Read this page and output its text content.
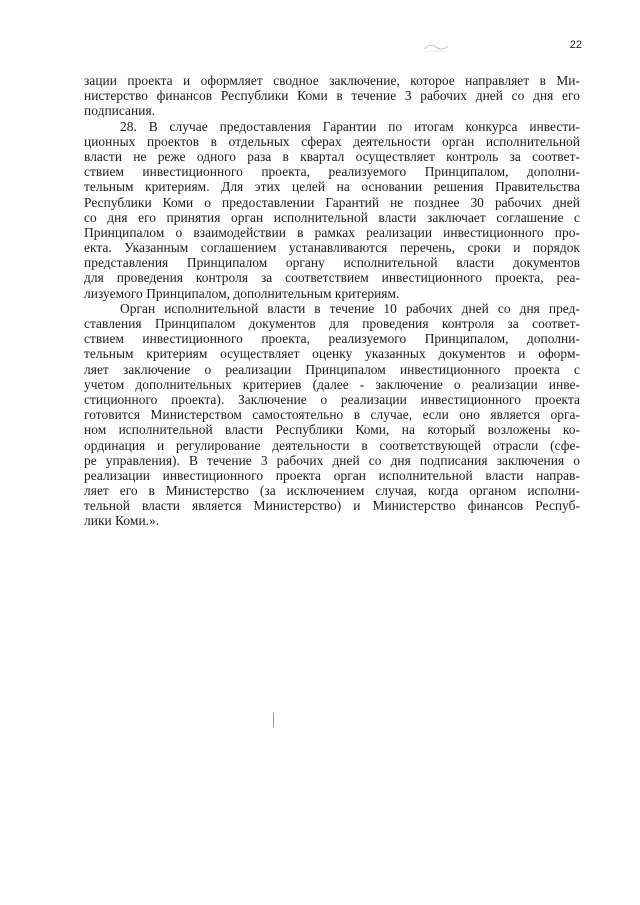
22
зации проекта и оформляет сводное заключение, которое направляет в Ми-
нистерство финансов Республики Коми в течение 3 рабочих дней со дня его
подписания.
28. В случае предоставления Гарантии по итогам конкурса инвести-
ционных проектов в отдельных сферах деятельности орган исполнительной
власти не реже одного раза в квартал осуществляет контроль за соответ-
ствием инвестиционного проекта, реализуемого Принципалом, дополни-
тельным критериям. Для этих целей на основании решения Правительства
Республики Коми о предоставлении Гарантий не позднее 30 рабочих дней
со дня его принятия орган исполнительной власти заключает соглашение с
Принципалом о взаимодействии в рамках реализации инвестиционного про-
екта. Указанным соглашением устанавливаются перечень, сроки и порядок
представления Принципалом органу исполнительной власти документов
для проведения контроля за соответствием инвестиционного проекта, реа-
лизуемого Принципалом, дополнительным критериям.
Орган исполнительной власти в течение 10 рабочих дней со дня пред-
ставления Принципалом документов для проведения контроля за соответ-
ствием инвестиционного проекта, реализуемого Принципалом, дополни-
тельным критериям осуществляет оценку указанных документов и оформ-
ляет заключение о реализации Принципалом инвестиционного проекта с
учетом дополнительных критериев (далее - заключение о реализации инве-
стиционного проекта). Заключение о реализации инвестиционного проекта
готовится Министерством самостоятельно в случае, если оно является орга-
ном исполнительной власти Республики Коми, на который возложены ко-
ординация и регулирование деятельности в соответствующей отрасли (сфе-
ре управления). В течение 3 рабочих дней со дня подписания заключения о
реализации инвестиционного проекта орган исполнительной власти направ-
ляет его в Министерство (за исключением случая, когда органом исполни-
тельной власти является Министерство) и Министерство финансов Респуб-
лики Коми.».
